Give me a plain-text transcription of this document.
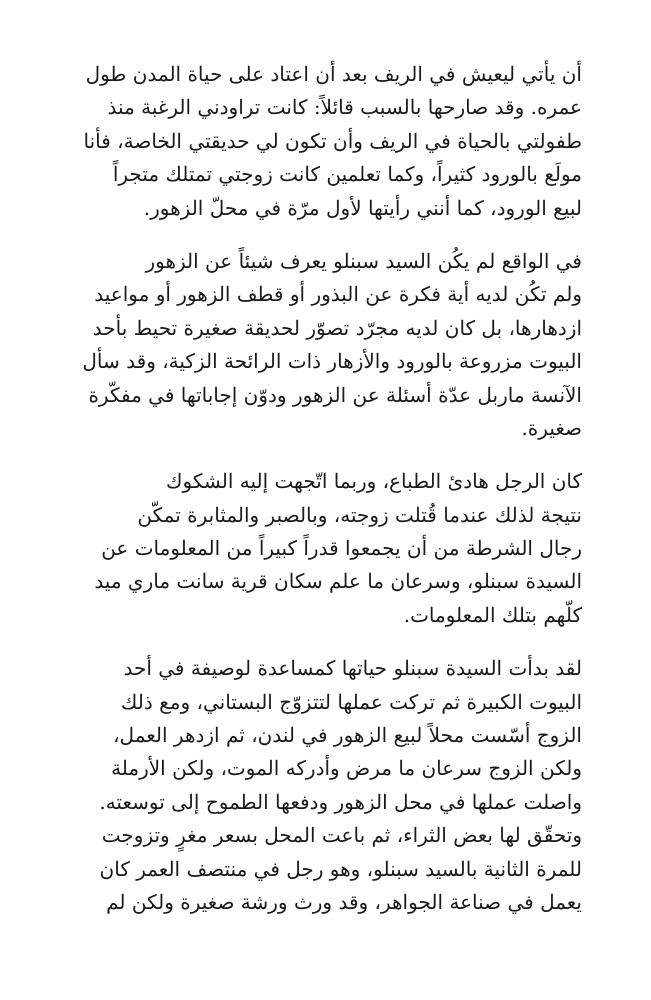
أن يأتي ليعيش في الريف بعد أن اعتاد على حياة المدن طول
عمره. وقد صارحها بالسبب قائلاً: كانت تراودني الرغبة منذ
طفولتي بالحياة في الريف وأن تكون لي حديقتي الخاصة، فأنا
مولَع بالورود كثيراً، وكما تعلمين كانت زوجتي تمتلك متجراً
لبيع الورود، كما أنني رأيتها لأول مرّة في محلّ الزهور.

في الواقع لم يكُن السيد سبنلو يعرف شيئاً عن الزهور
ولم تكُن لديه أية فكرة عن البذور أو قطف الزهور أو مواعيد
ازدهارها، بل كان لديه مجرّد تصوّر لحديقة صغيرة تحيط بأحد
البيوت مزروعة بالورود والأزهار ذات الرائحة الزكية، وقد سأل
الآنسة ماربل عدّة أسئلة عن الزهور ودوّن إجاباتها في مفكّرة
صغيرة.

كان الرجل هادئ الطباع، وربما اتّجهت إليه الشكوك
نتيجة لذلك عندما قُتلت زوجته، وبالصبر والمثابرة تمكّن
رجال الشرطة من أن يجمعوا قدراً كبيراً من المعلومات عن
السيدة سبنلو، وسرعان ما علم سكان قرية سانت ماري ميد
كلّهم بتلك المعلومات.

لقد بدأت السيدة سبنلو حياتها كمساعدة لوصيفة في أحد
البيوت الكبيرة ثم تركت عملها لتتزوّج البستاني، ومع ذلك
الزوج أسّست محلاً لبيع الزهور في لندن، ثم ازدهر العمل،
ولكن الزوج سرعان ما مرض وأدركه الموت، ولكن الأرملة
واصلت عملها في محل الزهور ودفعها الطموح إلى توسعته.
وتحقّق لها بعض الثراء، ثم باعت المحل بسعر مغرٍ وتزوجت
للمرة الثانية بالسيد سبنلو، وهو رجل في منتصف العمر كان
يعمل في صناعة الجواهر، وقد ورث ورشة صغيرة ولكن لم
